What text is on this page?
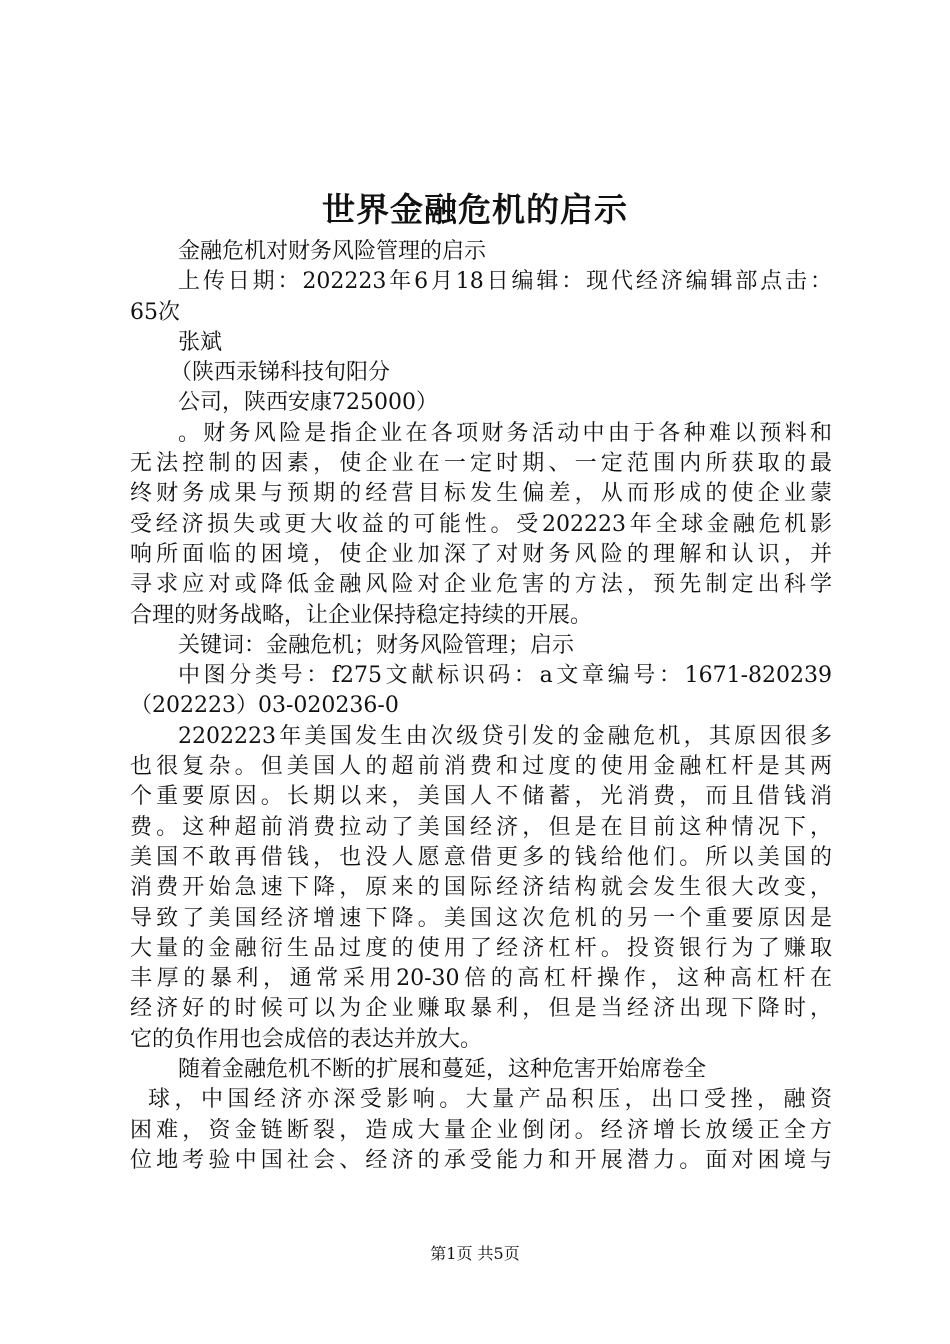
世界金融危机的启示
金融危机对财务风险管理的启示
上传日期：202223年6月18日编辑：现代经济编辑部点击：
65次
张斌
（陕西汞锑科技旬阳分
公司，陕西安康725000）
。财务风险是指企业在各项财务活动中由于各种难以预料和
无法控制的因素，使企业在一定时期、一定范围内所获取的最
终财务成果与预期的经营目标发生偏差，从而形成的使企业蒙
受经济损失或更大收益的可能性。受202223年全球金融危机影
响所面临的困境，使企业加深了对财务风险的理解和认识，并
寻求应对或降低金融风险对企业危害的方法，预先制定出科学
合理的财务战略，让企业保持稳定持续的开展。
关键词：金融危机；财务风险管理；启示
中图分类号：f275文献标识码：a文章编号：1671-820239
（202223）03-020236-0
2202223年美国发生由次级贷引发的金融危机，其原因很多
也很复杂。但美国人的超前消费和过度的使用金融杠杆是其两
个重要原因。长期以来，美国人不储蓄，光消费，而且借钱消
费。这种超前消费拉动了美国经济，但是在目前这种情况下，
美国不敢再借钱，也没人愿意借更多的钱给他们。所以美国的
消费开始急速下降，原来的国际经济结构就会发生很大改变，
导致了美国经济增速下降。美国这次危机的另一个重要原因是
大量的金融衍生品过度的使用了经济杠杆。投资银行为了赚取
丰厚的暴利，通常采用20-30倍的高杠杆操作，这种高杠杆在
经济好的时候可以为企业赚取暴利，但是当经济出现下降时，
它的负作用也会成倍的表达并放大。
随着金融危机不断的扩展和蔓延，这种危害开始席卷全
球，中国经济亦深受影响。大量产品积压，出口受挫，融资
困难，资金链断裂，造成大量企业倒闭。经济增长放缓正全方
位地考验中国社会、经济的承受能力和开展潜力。面对困境与
第1页 共5页
